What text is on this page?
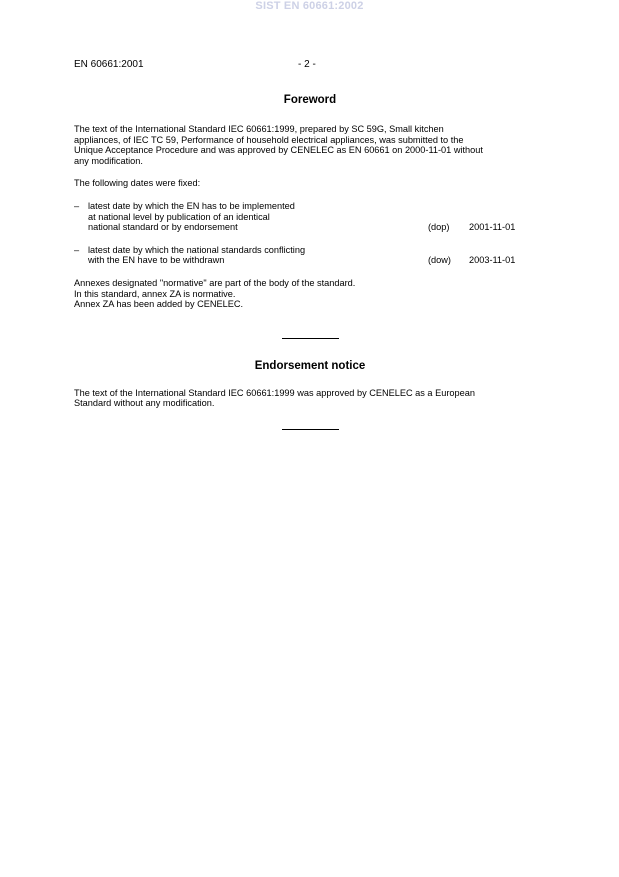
SIST EN 60661:2002
EN 60661:2001	- 2 -
Foreword

The text of the International Standard IEC 60661:1999, prepared by SC 59G, Small kitchen

appliances, of IEC TC 59, Performance of household electrical appliances, was submitted to the

Unique Acceptance Procedure and was approved by CENELEC as EN 60661 on 2000-11-01 without

any modification.

The following dates were fixed:

– latest date by which the EN has to be implemented
at national level by publication of an identical
national standard or by endorsement	(dop) 2001-11-01
– latest date by which the national standards conflicting
with the EN have to be withdrawn	(dow) 2003-11-01

Annexes designated "normative" are part of the body of the standard.

In this standard, annex ZA is normative.

Annex ZA has been added by CENELEC.

Endorsement notice

The text of the International Standard IEC 60661:1999 was approved by CENELEC as a European

Standard without any modification.
